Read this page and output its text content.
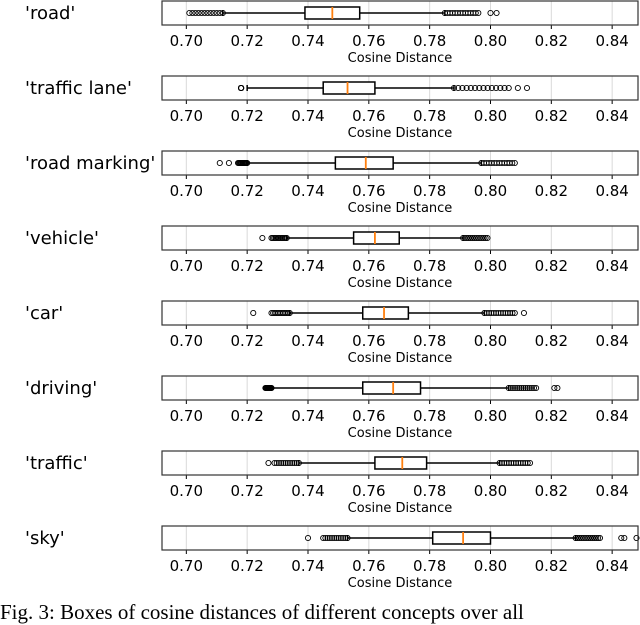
'road'
0.70 0.72 0.74 0.76 0.78 0.80 0.82 0.84
Cosine Distance
'traffic lane'
0.70 0.72 0.74 0.76 0.78 0.80 0.82 0.84
Cosine Distance
'road marking'
0.70 0.72 0.74 0.76 0.78 0.80 0.82 0.84
Cosine Distance
'vehicle'
0.70 0.72 0.74 0.76 0.78 0.80 0.82 0.84
Cosine Distance
'car'
0.70 0.72 0.74 0.76 0.78 0.80 0.82 0.84
Cosine Distance
'driving'
0.70 0.72 0.74 0.76 0.78 0.80 0.82 0.84
Cosine Distance
'traffic'
0.70 0.72 0.74 0.76 0.78 0.80 0.82 0.84
Cosine Distance
'sky'
0.70 0.72 0.74 0.76 0.78 0.80 0.82 0.84
Cosine Distance
Fig. 3: Boxes of cosine distances of different concepts over all
